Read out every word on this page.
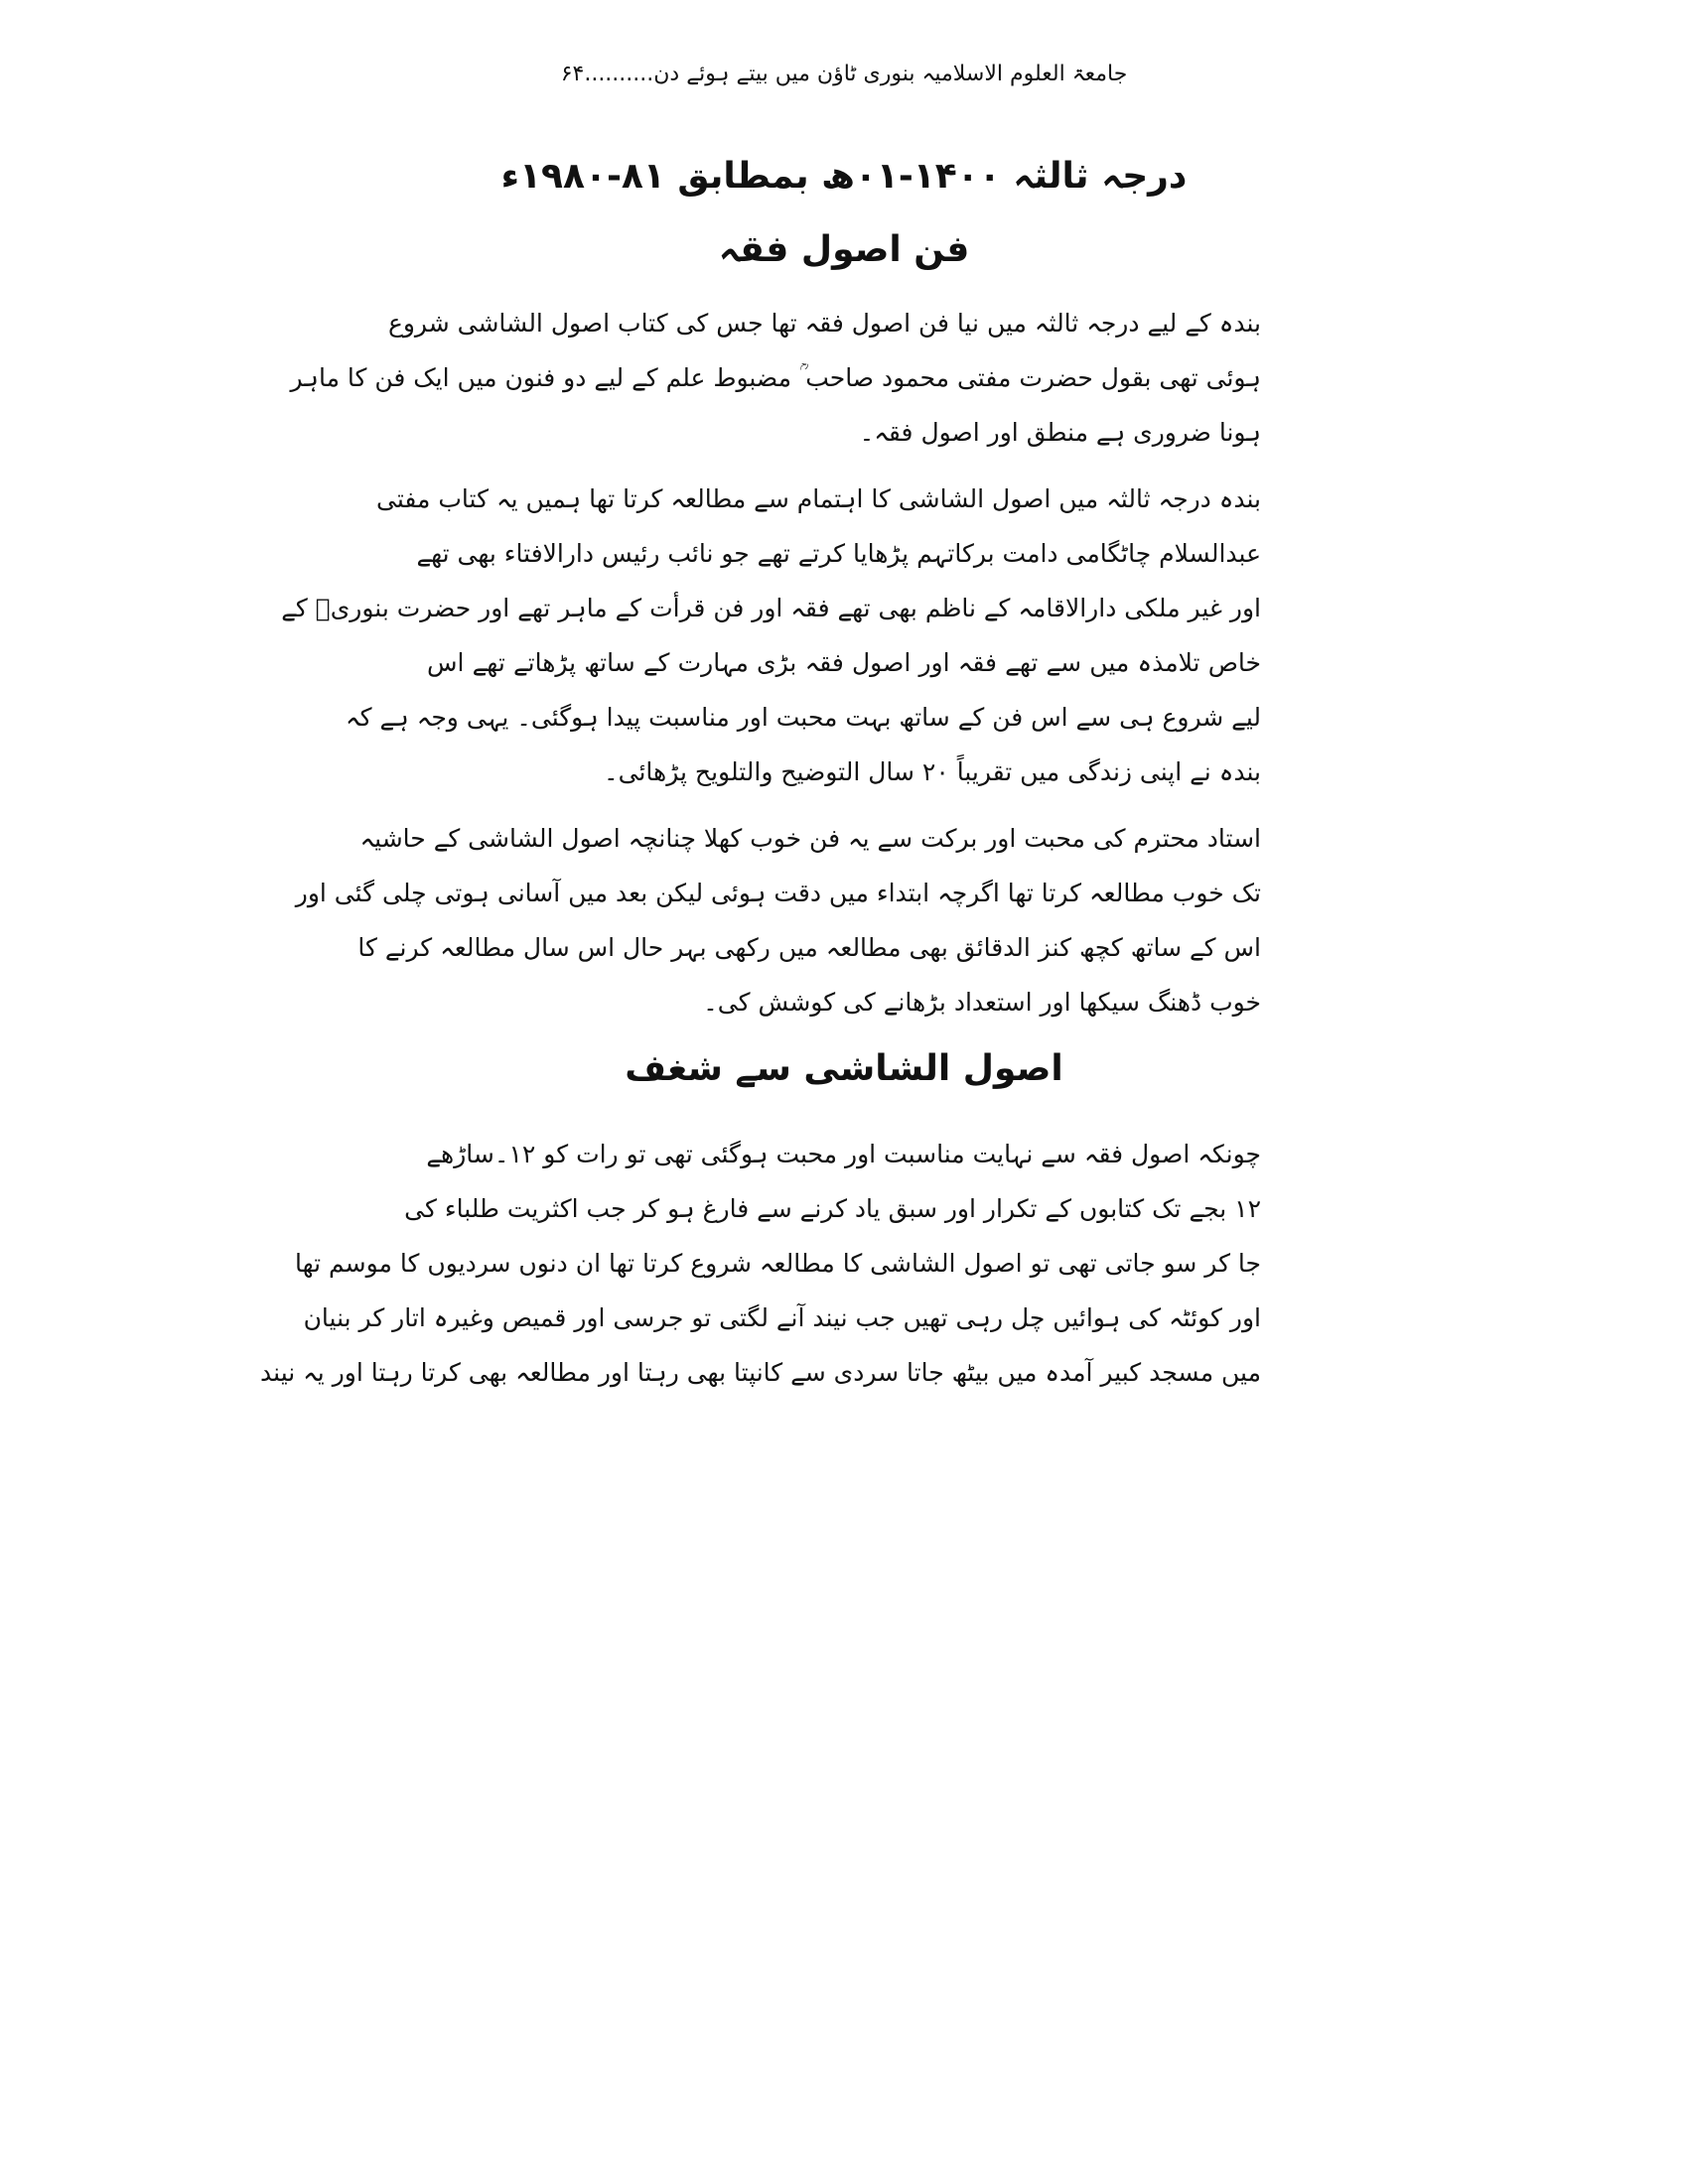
جامعۃ العلوم الاسلامیہ بنوری ٹاؤن میں بیتے ہوئے دن..........۶۴
درجہ ثالثہ ۱۴۰۰-۰۱ھ بمطابق ۸۱-۱۹۸۰ء
فن اصول فقہ
بندہ کے لیے درجہ ثالثہ میں نیا فن اصول فقہ تھا جس کی کتاب اصول الشاشی شروع
ہوئی تھی بقول حضرت مفتی محمود صاحب ؒ مضبوط علم کے لیے دو فنون میں ایک فن کا ماہر
ہونا ضروری ہے منطق اور اصول فقہ۔
بندہ درجہ ثالثہ میں اصول الشاشی کا اہتمام سے مطالعہ کرتا تھا ہمیں یہ کتاب مفتی
عبدالسلام چاٹگامی دامت برکاتہم پڑھایا کرتے تھے جو نائب رئیس دارالافتاء بھی تھے
اور غیر ملکی دارالاقامہ کے ناظم بھی تھے فقہ اور فن قرأت کے ماہر تھے اور حضرت بنوریؒ کے
خاص تلامذہ میں سے تھے فقہ اور اصول فقہ بڑی مہارت کے ساتھ پڑھاتے تھے اس
لیے شروع ہی سے اس فن کے ساتھ بہت محبت اور مناسبت پیدا ہوگئی۔ یہی وجہ ہے کہ
بندہ نے اپنی زندگی میں تقریباً ۲۰ سال التوضیح والتلویح پڑھائی۔
استاد محترم کی محبت اور برکت سے یہ فن خوب کھلا چنانچہ اصول الشاشی کے حاشیہ
تک خوب مطالعہ کرتا تھا اگرچہ ابتداء میں دقت ہوئی لیکن بعد میں آسانی ہوتی چلی گئی اور
اس کے ساتھ کچھ کنز الدقائق بھی مطالعہ میں رکھی بہر حال اس سال مطالعہ کرنے کا
خوب ڈھنگ سیکھا اور استعداد بڑھانے کی کوشش کی۔
اصول الشاشی سے شغف
چونکہ اصول فقہ سے نہایت مناسبت اور محبت ہوگئی تھی تو رات کو ۱۲۔ساڑھے
۱۲ بجے تک کتابوں کے تکرار اور سبق یاد کرنے سے فارغ ہو کر جب اکثریت طلباء کی
جا کر سو جاتی تھی تو اصول الشاشی کا مطالعہ شروع کرتا تھا ان دنوں سردیوں کا موسم تھا
اور کوئٹہ کی ہوائیں چل رہی تھیں جب نیند آنے لگتی تو جرسی اور قمیص وغیرہ اتار کر بنیان
میں مسجد کبیر آمدہ میں بیٹھ جاتا سردی سے کانپتا بھی رہتا اور مطالعہ بھی کرتا رہتا اور یہ نیند
